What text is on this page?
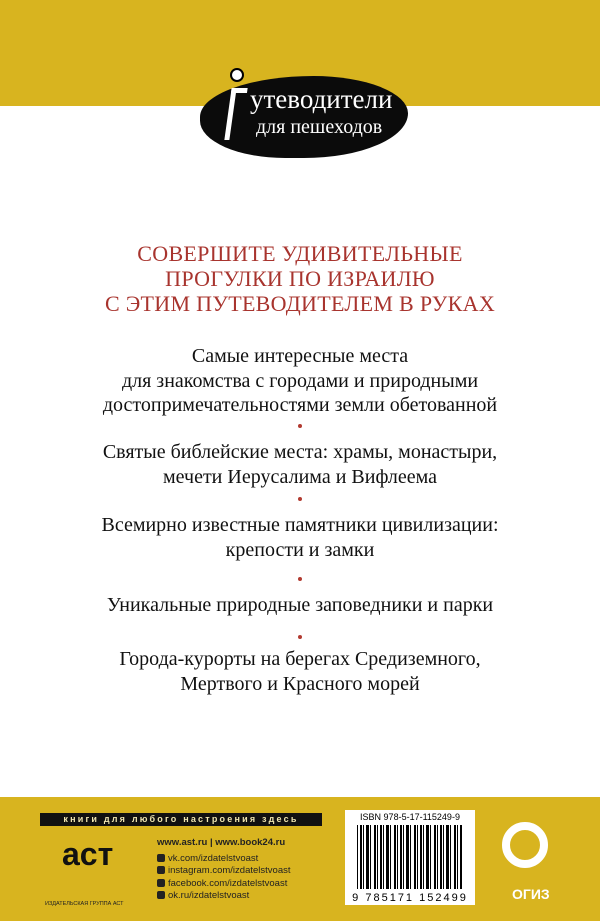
утеводители
для пешеходов
СОВЕРШИТЕ УДИВИТЕЛЬНЫЕ
ПРОГУЛКИ ПО ИЗРАИЛЮ
С ЭТИМ ПУТЕВОДИТЕЛЕМ В РУКАХ
Самые интересные места
для знакомства с городами и природными
достопримечательностями земли обетованной
Святые библейские места: храмы, монастыри,
мечети Иерусалима и Вифлеема
Всемирно известные памятники цивилизации:
крепости и замки
Уникальные природные заповедники и парки
Города-курорты на берегах Средиземного,
Мертвого и Красного морей
книги для любого настроения здесь
аст
ИЗДАТЕЛЬСКАЯ ГРУППА АСТ
www.ast.ru | www.book24.ru
vk.com/izdatelstvoast
instagram.com/izdatelstvoast
facebook.com/izdatelstvoast
ok.ru/izdatelstvoast
ISBN 978-5-17-115249-9
9 785171 152499	ОГИЗ
